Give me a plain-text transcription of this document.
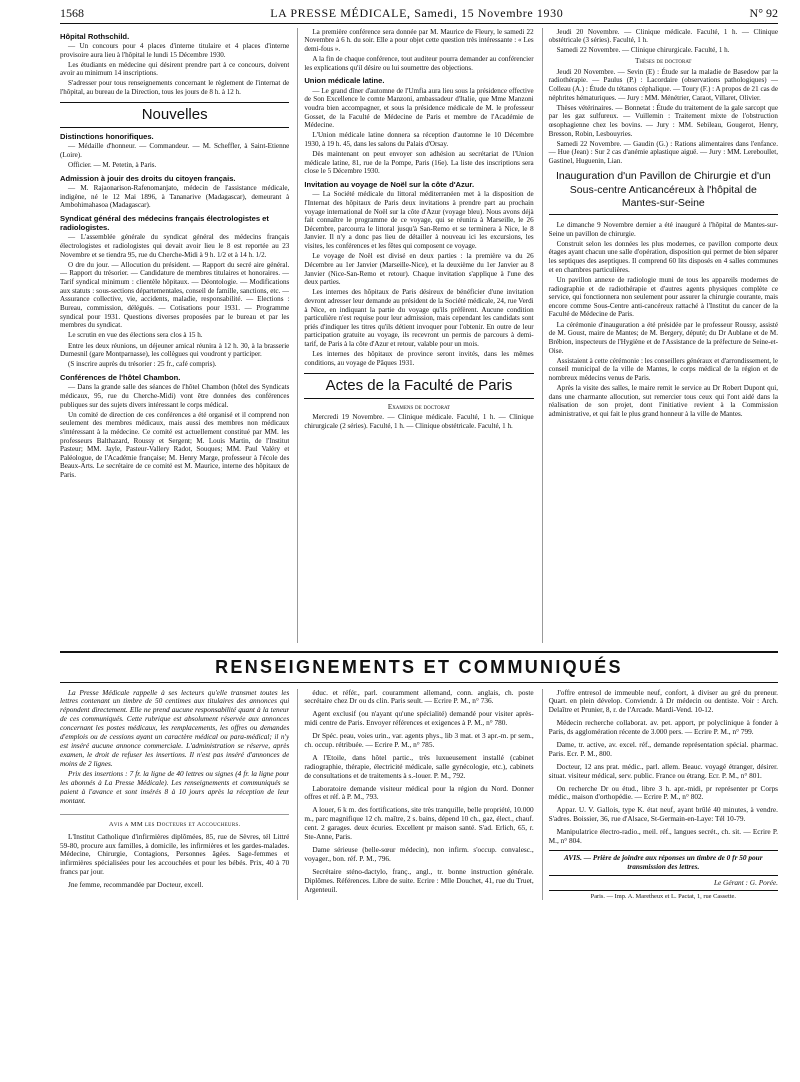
1568	LA PRESSE MÉDICALE, Samedi, 15 Novembre 1930	N° 92
Hôpital Rothschild.

— Un concours pour 4 places d'interne titulaire et 4 places d'interne provisoire aura lieu à l'hôpital le lundi 15 Décembre 1930.

Les étudiants en médecine qui désirent prendre part à ce concours, doivent avoir au minimum 14 inscriptions.

S'adresser pour tous renseignements concernant le règlement de l'internat de l'hôpital, au bureau de la Direction, tous les jours de 8 h. à 12 h.

Nouvelles
Distinctions honorifiques.

— Médaille d'honneur. — Commandeur. — M. Scheffler, à Saint-Etienne (Loire).

Officier. — M. Petetin, à Paris.

Admission à jouir des droits du citoyen français.

— M. Rajaonarison-Rafenomanjato, médecin de l'assistance médicale, indigène, né le 12 Mai 1896, à Tananarive (Madagascar), demeurant à Ambohimahasoa (Madagascar).

Syndicat général des médecins français électrologistes et radiologistes.

— L'assemblée générale du syndicat général des médecins français électrologistes et radiologistes qui devait avoir lieu le 8 est reportée au 23 Novembre et se tiendra 95, rue du Cherche-Midi à 9 h. 1/2 et à 14 h. 1/2.

O dre du jour. — Allocution du président. — Rapport du secré aire général. — Rapport du trésorier. — Candidature de membres titulaires et honoraires. — Tarif syndical minimum : clientèle hôpitaux. — Déontologie. — Modifications aux statuts : sous-sections départementales, conseil de famille, sanctions, etc. — Assurance collective, vie, accidents, maladie, responsabilité. — Elections : Bureau, commission, délégués. — Cotisations pour 1931. — Programme syndical pour 1931. Questions diverses proposées par le bureau et par les membres du syndicat.

Le scrutin en vue des élections sera clos à 15 h.

Entre les deux réunions, un déjeuner amical réunira à 12 h. 30, à la brasserie Dumesnil (gare Montparnasse), les collègues qui voudront y participer.

(S inscrire auprès du trésorier : 25 fr., café compris).

Conférences de l'hôtel Chambon.

— Dans la grande salle des séances de l'hôtel Chambon (hôtel des Syndicats médicaux, 95, rue du Cherche-Midi) vont être données des conférences publiques sur des sujets divers intéressant le corps médical.

Un comité de direction de ces conférences a été organisé et il comprend non seulement des membres médicaux, mais aussi des membres non médicaux s'intéressant à la médecine. Ce comité est actuellement constitué par MM. les professeurs Balthazard, Roussy et Sergent; M. Louis Martin, de l'Institut Pasteur; MM. Jayle, Pasteur-Vallery Radot, Souques; MM. Paul Valéry et Paléologue, de l'Académie française; M. Henry Marge, professeur à l'école des Beaux-Arts. Le secrétaire de ce comité est M. Maurice, interne des hôpitaux de Paris.

La première conférence sera donnée par M. Maurice de Fleury, le samedi 22 Novembre à 6 h. du soir. Elle a pour objet cette question très intéressante : « Les demi-fous ».

A la fin de chaque conférence, tout auditeur pourra demander au conférencier les explications qu'il désire ou lui soumettre des objections.

Union médicale latine.

— Le grand dîner d'automne de l'Umfia aura lieu sous la présidence effective de Son Excellence le comte Manzoni, ambassadeur d'Italie, que Mme Manzoni voudra bien accompagner, et sous la présidence médicale de M. le professeur Gosset, de la Faculté de Médecine de Paris et membre de l'Académie de Médecine.

L'Union médicale latine donnera sa réception d'automne le 10 Décembre 1930, à 19 h. 45, dans les salons du Palais d'Orsay.

Dès maintenant on peut envoyer son adhésion au secrétariat de l'Union médicale latine, 81, rue de la Pompe, Paris (16e). La liste des inscriptions sera close le 5 Décembre 1930.

Invitation au voyage de Noël sur la côte d'Azur.

— La Société médicale du littoral méditerranéen met à la disposition de l'Internat des hôpitaux de Paris deux invitations à prendre part au prochain voyage international de Noël sur la côte d'Azur (voyage bleu). Nous avons déjà fait connaître le programme de ce voyage, qui se réunira à Marseille, le 26 Décembre, parcourra le littoral jusqu'à San-Remo et se terminera à Nice, le 8 Janvier. Il n'y a donc pas lieu de détailler à nouveau ici les excursions, les visites, les conférences et les fêtes qui composent ce voyage.

Le voyage de Noël est divisé en deux parties : la première va du 26 Décembre au 1er Janvier (Marseille-Nice), et la deuxième du 1er Janvier au 8 Janvier (Nice-San-Remo et retour). Chaque invitation s'applique à l'une des deux parties.

Les internes des hôpitaux de Paris désireux de bénéficier d'une invitation devront adresser leur demande au président de la Société médicale, 24, rue Verdi à Nice, en indiquant la partie du voyage qu'ils préfèrent. Aucune condition particulière n'est requise pour leur admission, mais cependant les candidats sont priés d'indiquer les titres qu'ils détient invoquer pour l'obtenir. En outre de leur participation gratuite au voyage, ils recevront un permis de parcours à demi-tarif, de Paris à la côte d'Azur et retour, valable pour un mois.

Les internes des hôpitaux de province seront invités, dans les mêmes conditions, au voyage de Pâques 1931.

Actes de la Faculté de Paris
Examens de doctorat

Mercredi 19 Novembre. — Clinique médicale. Faculté, 1 h. — Clinique chirurgicale (2 séries). Faculté, 1 h. — Clinique obstétricale. Faculté, 1 h.

Jeudi 20 Novembre. — Clinique médicale. Faculté, 1 h. — Clinique obstétricale (3 séries). Faculté, 1 h.

Samedi 22 Novembre. — Clinique chirurgicale. Faculté, 1 h.

Thèses de doctorat

Jeudi 20 Novembre. — Sevin (E) : Étude sur la maladie de Basedow par la radiothérapie. — Paulus (P.) : Lacordaire (observations pathologiques) — Colleau (A.) : Étude du tétanos céphalique. — Toury (F.) : A propos de 21 cas de néphrites hématuriques. — Jury : MM. Ménétrier, Caraot, Villaret, Olivier.

Thèses vétérinaires. — Bonnetat : Étude du traitement de la gale sarcopt que par les gaz sulfureux. — Vuillemin : Traitement mixte de l'obstruction œsophagienne chez les bovins. — Jury : MM. Sebileau, Gougerot, Henry, Bresson, Robin, Lesbouyries.

Samedi 22 Novembre. — Gaudin (G.) : Rations alimentaires dans l'enfance. — Hue (Jean) : Sur 2 cas d'anémie aplastique aiguë. — Jury : MM. Lereboullet, Gastinel, Huguenin, Lian.

Inauguration d'un Pavillon de Chirurgie et d'un Sous-centre Anticancéreux à l'hôpital de Mantes-sur-Seine

Le dimanche 9 Novembre dernier a été inauguré à l'hôpital de Mantes-sur-Seine un pavillon de chirurgie.

Construit selon les données les plus modernes, ce pavillon comporte deux étages ayant chacun une salle d'opération, disposition qui permet de bien séparer les septiques des aseptiques. Il comprend 60 lits disposés en 4 salles communes et en chambres particulières.

Un pavillon annexe de radiologie muni de tous les appareils modernes de radiographie et de radiothérapie et d'autres agents physiques complète ce service, qui fonctionnera non seulement pour assurer la chirurgie courante, mais encore comme Sous-Centre anti-cancéreux rattaché à l'Institut du cancer de la Faculté de Médecine de Paris.

La cérémonie d'inauguration a été présidée par le professeur Roussy, assisté de M. Goust, maire de Mantes; de M. Bergery, député; du Dr Aublane et de M. Brébion, inspecteurs de l'Hygiène et de l'Assistance de la préfecture de Seine-et-Oise.

Assistaient à cette cérémonie : les conseillers généraux et d'arrondissement, le conseil municipal de la ville de Mantes, le corps médical de la région et de nombreux médecins venus de Paris.

Après la visite des salles, le maire remit le service au Dr Robert Dupont qui, dans une charmante allocution, sut remercier tous ceux qui l'ont aidé dans la réalisation de son projet, dont l'initiative revient à la Commission administrative, et qui fait le plus grand honneur à la ville de Mantes.

RENSEIGNEMENTS ET COMMUNIQUÉS

La Presse Médicale rappelle à ses lecteurs qu'elle transmet toutes les lettres contenant un timbre de 50 centimes aux titulaires des annonces qui répondent directement. Elle ne prend aucune responsabilité quant à la teneur de ces communiqués. Cette rubrique est absolument réservée aux annonces concernant les postes médicaux, les remplacements, les offres ou demandes d'emplois ou de cessions ayant un caractère médical ou para-médical; il n'y est inséré aucune annonce commerciale. L'administration se réserve, après examen, le droit de refuser les insertions. Il n'est pas inséré d'annonces de moins de 2 lignes.

Prix des insertions : 7 fr. la ligne de 40 lettres ou signes (4 fr. la ligne pour les abonnés à La Presse Médicale). Les renseignements et communiqués se paient à l'avance et sont insérés 8 à 10 jours après la réception de leur montant.

Avis a MM les Docteurs et Accoucheurs.

L'Institut Catholique d'infirmières diplômées, 85, rue de Sèvres, tél Littré 59-80, procure aux familles, à domicile, les infirmières et les gardes-malades. Médecine, Chirurgie, Contagions, Personnes âgées. Sage-femmes et infirmières spécialisées pour les accouchées et pour les bébés. Prix, 40 à 70 francs par jour.

Jne femme, recommandée par Docteur, excell.

éduc. et référ., parl. couramment allemand, conn. anglais, ch. poste secrétaire chez Dr ou ds clin. Paris seult. — Ecrire P. M., n° 736.

Agent exclusif (ou n'ayant qu'une spécialité) demandé pour visiter après-midi centre de Paris. Envoyer références et exigences à P. M., n° 780.

Dr Spéc. peau, voies urin., var. agents phys., lib 3 mat. et 3 apr.-m. pr sem., ch. occup. rétribuée. — Ecrire P. M., n° 785.

A l'Etoile, dans hôtel partic., très luxueusement installé (cabinet radiographie, thérapie, électricité médicale, salle gynécologie, etc.), cabinets de consultations et de traitements à s.-louer. P. M., 792.

Laboratoire demande visiteur médical pour la région du Nord. Donner offres et réf. à P. M., 793.

A louer, 6 k m. des fortifications, site très tranquille, belle propriété, 10.000 m., parc magnifique 12 ch. maître, 2 s. bains, dépend 10 ch., gaz, élect., chauf. cent. 2 garages. deux écuries. Excellent pr maison santé. S'ad. Erlich, 65, r. Ste-Anne, Paris.

Dame sérieuse (belle-sœur médecin), non infirm. s'occup. convalesc., voyager., bon. réf. P. M., 796.

Secrétaire sténo-dactylo, franç., angl., tr. bonne instruction générale. Diplômes. Références. Libre de suite. Ecrire : Mlle Douchet, 41, rue du Truet, Argenteuil.

J'offre entresol de immeuble neuf, confort, à diviser au gré du preneur. Quart. en plein dévelop. Conviendr. à Dr médecin ou dentiste. Voir : Arch. Delaître et Prunier, 8, r. de l'Arcade. Mardi-Vend. 10-12.

Médecin recherche collaborat. av. pet. apport, pr polyclinique à fonder à Paris, ds agglomération récente de 3.000 pers. — Ecrire P. M., n° 799.

Dame, tr. active, av. excel. réf., demande représentation spécial. pharmac. Paris. Ecr. P. M., 800.

Docteur, 12 ans prat. médic., parl. allem. Beauc. voyagé étranger, désirer. situat. visiteur médical, serv. public. France ou étrang. Ecr. P. M., n° 801.

On recherche Dr ou étud., libre 3 h. apr.-midi, pr représenter pr Corps médic., maison d'orthopédie. — Ecrire P. M., n° 802.

Appar. U. V. Gallois, type K. état neuf, ayant brûlé 40 minutes, à vendre. S'adres. Boissier, 36, rue d'Alsace, St-Germain-en-Laye: Tél 10-79.

Manipulatrice électro-radio., meil. réf., langues secrét., ch. sit. — Ecrire P. M., n° 804.

AVIS. — Prière de joindre aux réponses un timbre de 0 fr 50 pour transmission des lettres.
Le Gérant : G. Porée.
Paris. — Imp. A. Maretheux et L. Pactat, 1, rue Cassette.
